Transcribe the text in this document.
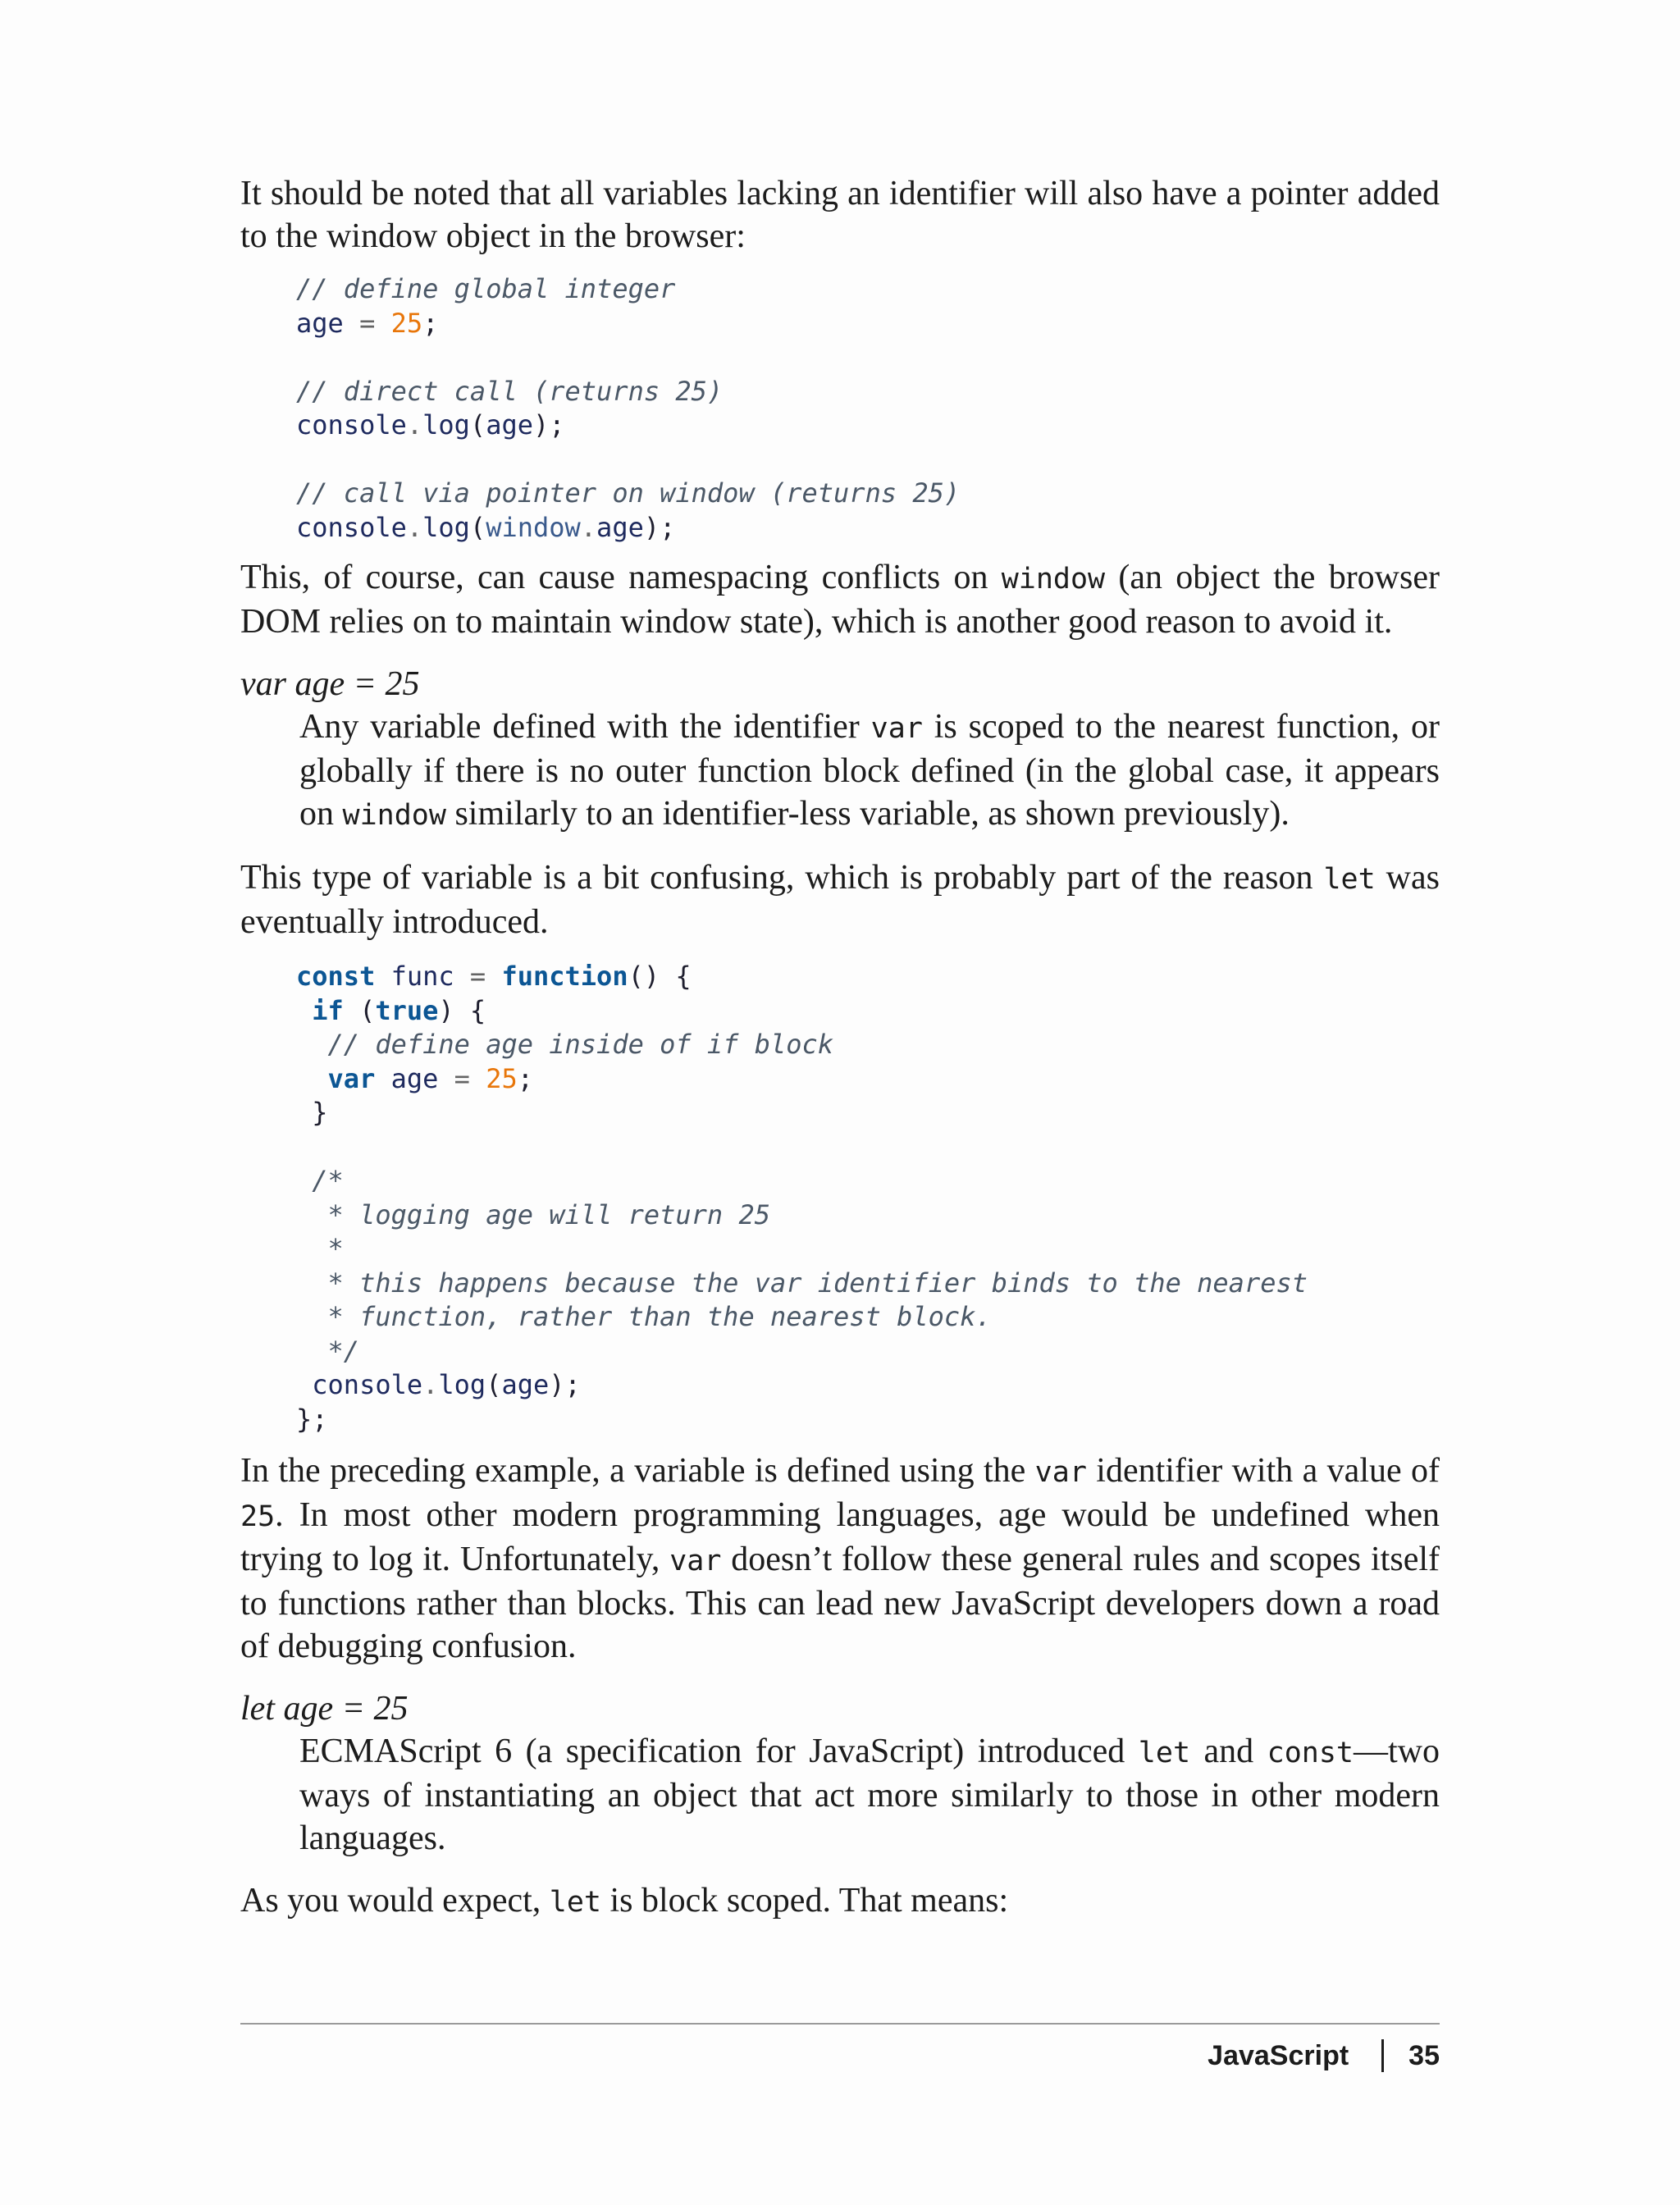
It should be noted that all variables lacking an identifier will also have a pointer added to the window object in the browser:

// define global integer
age = 25;

// direct call (returns 25)
console.log(age);

// call via pointer on window (returns 25)
console.log(window.age);

This, of course, can cause namespacing conflicts on window (an object the browser DOM relies on to maintain window state), which is another good reason to avoid it.

var age = 25

Any variable defined with the identifier var is scoped to the nearest function, or globally if there is no outer function block defined (in the global case, it appears on window similarly to an identifier-less variable, as shown previously).

This type of variable is a bit confusing, which is probably part of the reason let was eventually introduced.

const func = function() {
if (true) {
// define age inside of if block
var age = 25;
}

/*
* logging age will return 25
*
* this happens because the var identifier binds to the nearest
* function, rather than the nearest block.
*/
console.log(age);
};

In the preceding example, a variable is defined using the var identifier with a value of 25. In most other modern programming languages, age would be undefined when trying to log it. Unfortunately, var doesn’t follow these general rules and scopes itself to functions rather than blocks. This can lead new JavaScript developers down a road of debugging confusion.

let age = 25

ECMAScript 6 (a specification for JavaScript) introduced let and const—two ways of instantiating an object that act more similarly to those in other modern languages.

As you would expect, let is block scoped. That means:

JavaScript 35
